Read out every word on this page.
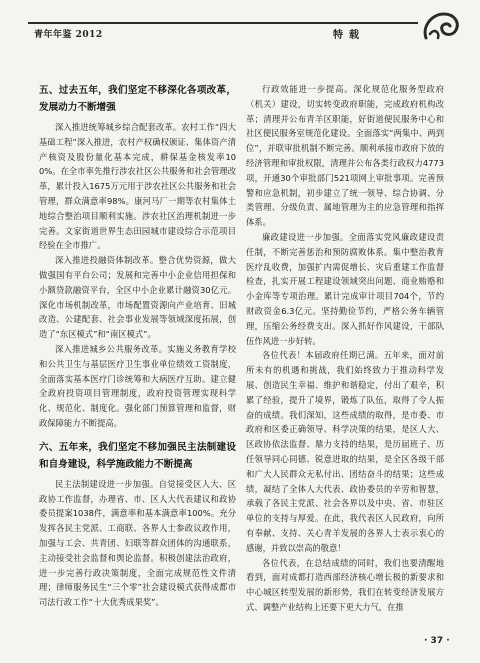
青年年鉴 2012	特载
五、过去五年，我们坚定不移深化各项改革，发展动力不断增强

深入推进统筹城乡综合配套改革。农村工作“四大基础工程”深入推进，农村产权确权颁证、集体资产清产核资及股份量化基本完成，耕保基金核发率100%。在全市率先推行涉农社区公共服务和社会管理改革，累计投入1675万元用于涉农社区公共服务和社会管理，群众满意率98%。康河马厂一期等农村集体土地综合整治项目顺利实施。涉农社区治理机制进一步完善。文家街道世界生态田园城市建设综合示范项目经验在全市推广。

深入推进投融资体制改革。整合优势资源，做大做强国有平台公司；发展和完善中小企业信用担保和小额贷款融资平台，全区中小企业累计融资30亿元。深化市场机制改革，市场配置资源向产业培育、旧城改造、公建配套、社会事业发展等领域深度拓展，创造了“东区模式”和“南区模式”。

深入推进城乡公共服务改革。实施义务教育学校和公共卫生与基层医疗卫生事业单位绩效工资制度，全面落实基本医疗门诊统筹和大病医疗互助。建立健全政府投资项目管理制度，政府投资管理实现科学化、规范化、制度化。强化部门预算管理和监督，财政保障能力不断提高。

六、五年来，我们坚定不移加强民主法制建设和自身建设，科学施政能力不断提高

民主法制建设进一步加强。自觉接受区人大、区政协工作监督，办理省、市、区人大代表建议和政协委员提案1038件，满意率和基本满意率100%。充分发挥各民主党派、工商联、各界人士参政议政作用，加强与工会、共青团、妇联等群众团体的沟通联系，主动接受社会监督和舆论监督。积极创建法治政府，进一步完善行政决策制度，全面完成规范性文件清理；律师服务民生“三个零”社会建设模式获得成都市司法行政工作“十大优秀成果奖”。

行政效能进一步提高。深化规范化服务型政府（机关）建设，切实转变政府职能，完成政府机构改革；清理并公布青羊区职能，好街道便民服务中心和社区便民服务室规范化建设。全面落实“两集中、两到位”，并联审批机制不断完善。顺利承接市政府下放的经济管理和审批权限，清理并公布各类行政权力4773项，开通30个审批部门521项网上审批事项。完善预警和应急机制，初步建立了统一领导、综合协调、分类管理、分级负责、属地管理为主的应急管理和指挥体系。

廉政建设进一步加强。全面落实党风廉政建设责任制，不断完善惩治和预防腐败体系。集中整治教育医疗乱收费，加强扩内需促增长、灾后重建工作监督检查，扎实开展工程建设领域突出问题、商业贿赂和小金库等专项治理。累计完成审计项目704个，节约财政资金6.3亿元。坚持勤俭节约，严格公务车辆管理，压缩公务经费支出。深入抓好作风建设，干部队伍作风进一步好转。

各位代表！本届政府任期已满。五年来，面对前所未有的机遇和挑战，我们始终致力于推动科学发展、创造民生幸福、维护和谐稳定，付出了艰辛，积累了经验，提升了境界，锻炼了队伍，取得了令人振奋的成绩。我们深知，这些成绩的取得，是市委、市政府和区委正确领导、科学决策的结果，是区人大、区政协依法监督、鼎力支持的结果，是历届班子、历任领导同心同德、锐意进取的结果，是全区各级干部和广大人民群众无私付出、团结奋斗的结果；这些成绩，凝结了全体人大代表、政协委员的辛劳和智慧，承载了各民主党派、社会各界以及中央、省、市驻区单位的支持与厚爱。在此，我代表区人民政府，向所有奉献、支持、关心青羊发展的各界人士表示衷心的感谢，并致以崇高的敬意！

各位代表，在总结成绩的同时，我们也要清醒地看到，面对成都打造西部经济核心增长极的新要求和中心城区转型发展的新形势，我们在转变经济发展方式、调整产业结构上还要下更大力气，在推

· 37 ·
